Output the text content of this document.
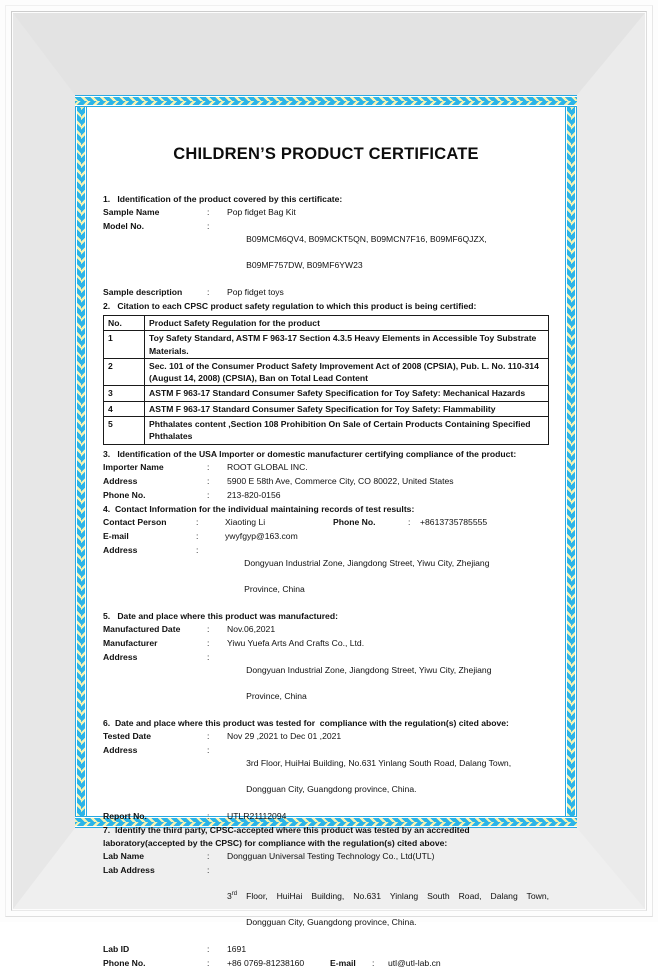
CHILDREN’S PRODUCT CERTIFICATE
1.   Identification of the product covered by this certificate:
Sample Name	:	Pop fidget Bag Kit
Model No.	:

B09MCM6QV4, B09MCKT5QN, B09MCN7F16, B09MF6QJZX,

B09MF757DW, B09MF6YW23

Sample description	:	Pop fidget toys
2.   Citation to each CPSC product safety regulation to which this product is being certified:
No.	Product Safety Regulation for the product
1	Toy Safety Standard, ASTM F 963-17 Section 4.3.5 Heavy Elements in Accessible Toy Substrate Materials.
2	Sec. 101 of the Consumer Product Safety Improvement Act of 2008 (CPSIA), Pub. L. No. 110-314 (August 14, 2008) (CPSIA), Ban on Total Lead Content
3	ASTM F 963-17 Standard Consumer Safety Specification for Toy Safety: Mechanical Hazards
4	ASTM F 963-17 Standard Consumer Safety Specification for Toy Safety: Flammability
5	Phthalates content ,Section 108 Prohibition On Sale of Certain Products Containing Specified Phthalates
3.   Identification of the USA Importer or domestic manufacturer certifying compliance of the product:
Importer Name	:	ROOT GLOBAL INC.
Address	:	5900 E 58th Ave, Commerce City, CO 80022, United States
Phone No.	:	213-820-0156
4.  Contact Information for the individual maintaining records of test results:
Contact Person	:	Xiaoting Li	Phone No.	:	+8613735785555
E-mail	:	ywyfgyp@163.com
Address	:

Dongyuan Industrial Zone, Jiangdong Street, Yiwu City, Zhejiang

Province, China

5.   Date and place where this product was manufactured:
Manufactured Date	:	Nov.06,2021
Manufacturer	:	Yiwu Yuefa Arts And Crafts Co., Ltd.
Address	:

Dongyuan Industrial Zone, Jiangdong Street, Yiwu City, Zhejiang

Province, China

6.  Date and place where this product was tested for  compliance with the regulation(s) cited above:
Tested Date	:	Nov 29 ,2021 to Dec 01 ,2021
Address	:

3rd Floor, HuiHai Building, No.631 Yinlang South Road, Dalang Town,

Dongguan City, Guangdong province, China.

Report No.	:	UTLR21112094
7.  Identify the third party, CPSC-accepted where this product was tested by an accredited laboratory(accepted by the CPSC) for compliance with the regulation(s) cited above:
Lab Name	:	Dongguan Universal Testing Technology Co., Ltd(UTL)
Lab Address	:

3rd Floor, HuiHai Building, No.631 Yinlang South Road, Dalang Town,

Dongguan City, Guangdong province, China.

Lab ID	:	1691
Phone No.	:	+86 0769-81238160	E-mail	:	utl@utl-lab.cn
